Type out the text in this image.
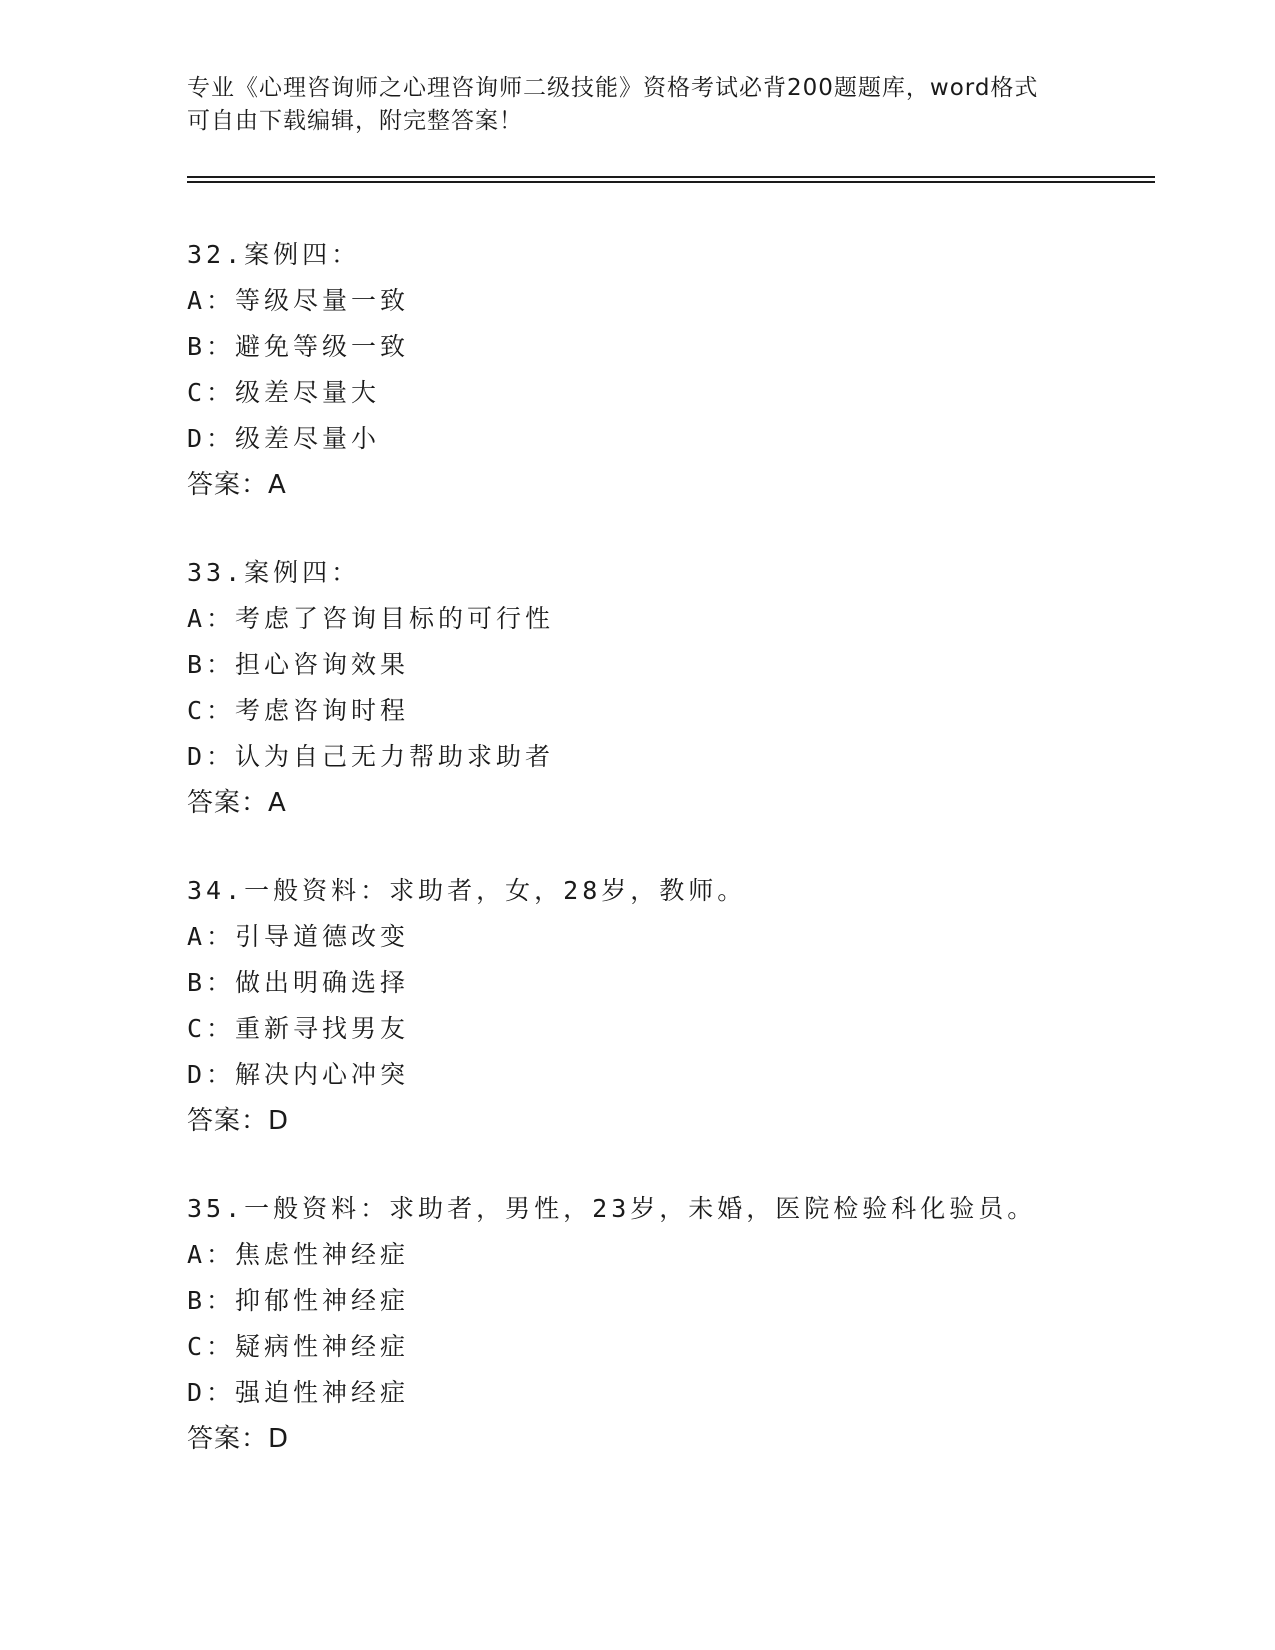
专业《心理咨询师之心理咨询师二级技能》资格考试必背200题题库，word格式
可自由下载编辑，附完整答案！
32.案例四：
A：等级尽量一致
B：避免等级一致
C：级差尽量大
D：级差尽量小
答案：A
33.案例四：
A：考虑了咨询目标的可行性
B：担心咨询效果
C：考虑咨询时程
D：认为自己无力帮助求助者
答案：A
34.一般资料：求助者，女，28岁，教师。
A：引导道德改变
B：做出明确选择
C：重新寻找男友
D：解决内心冲突
答案：D
35.一般资料：求助者，男性，23岁，未婚，医院检验科化验员。
A：焦虑性神经症
B：抑郁性神经症
C：疑病性神经症
D：强迫性神经症
答案：D
